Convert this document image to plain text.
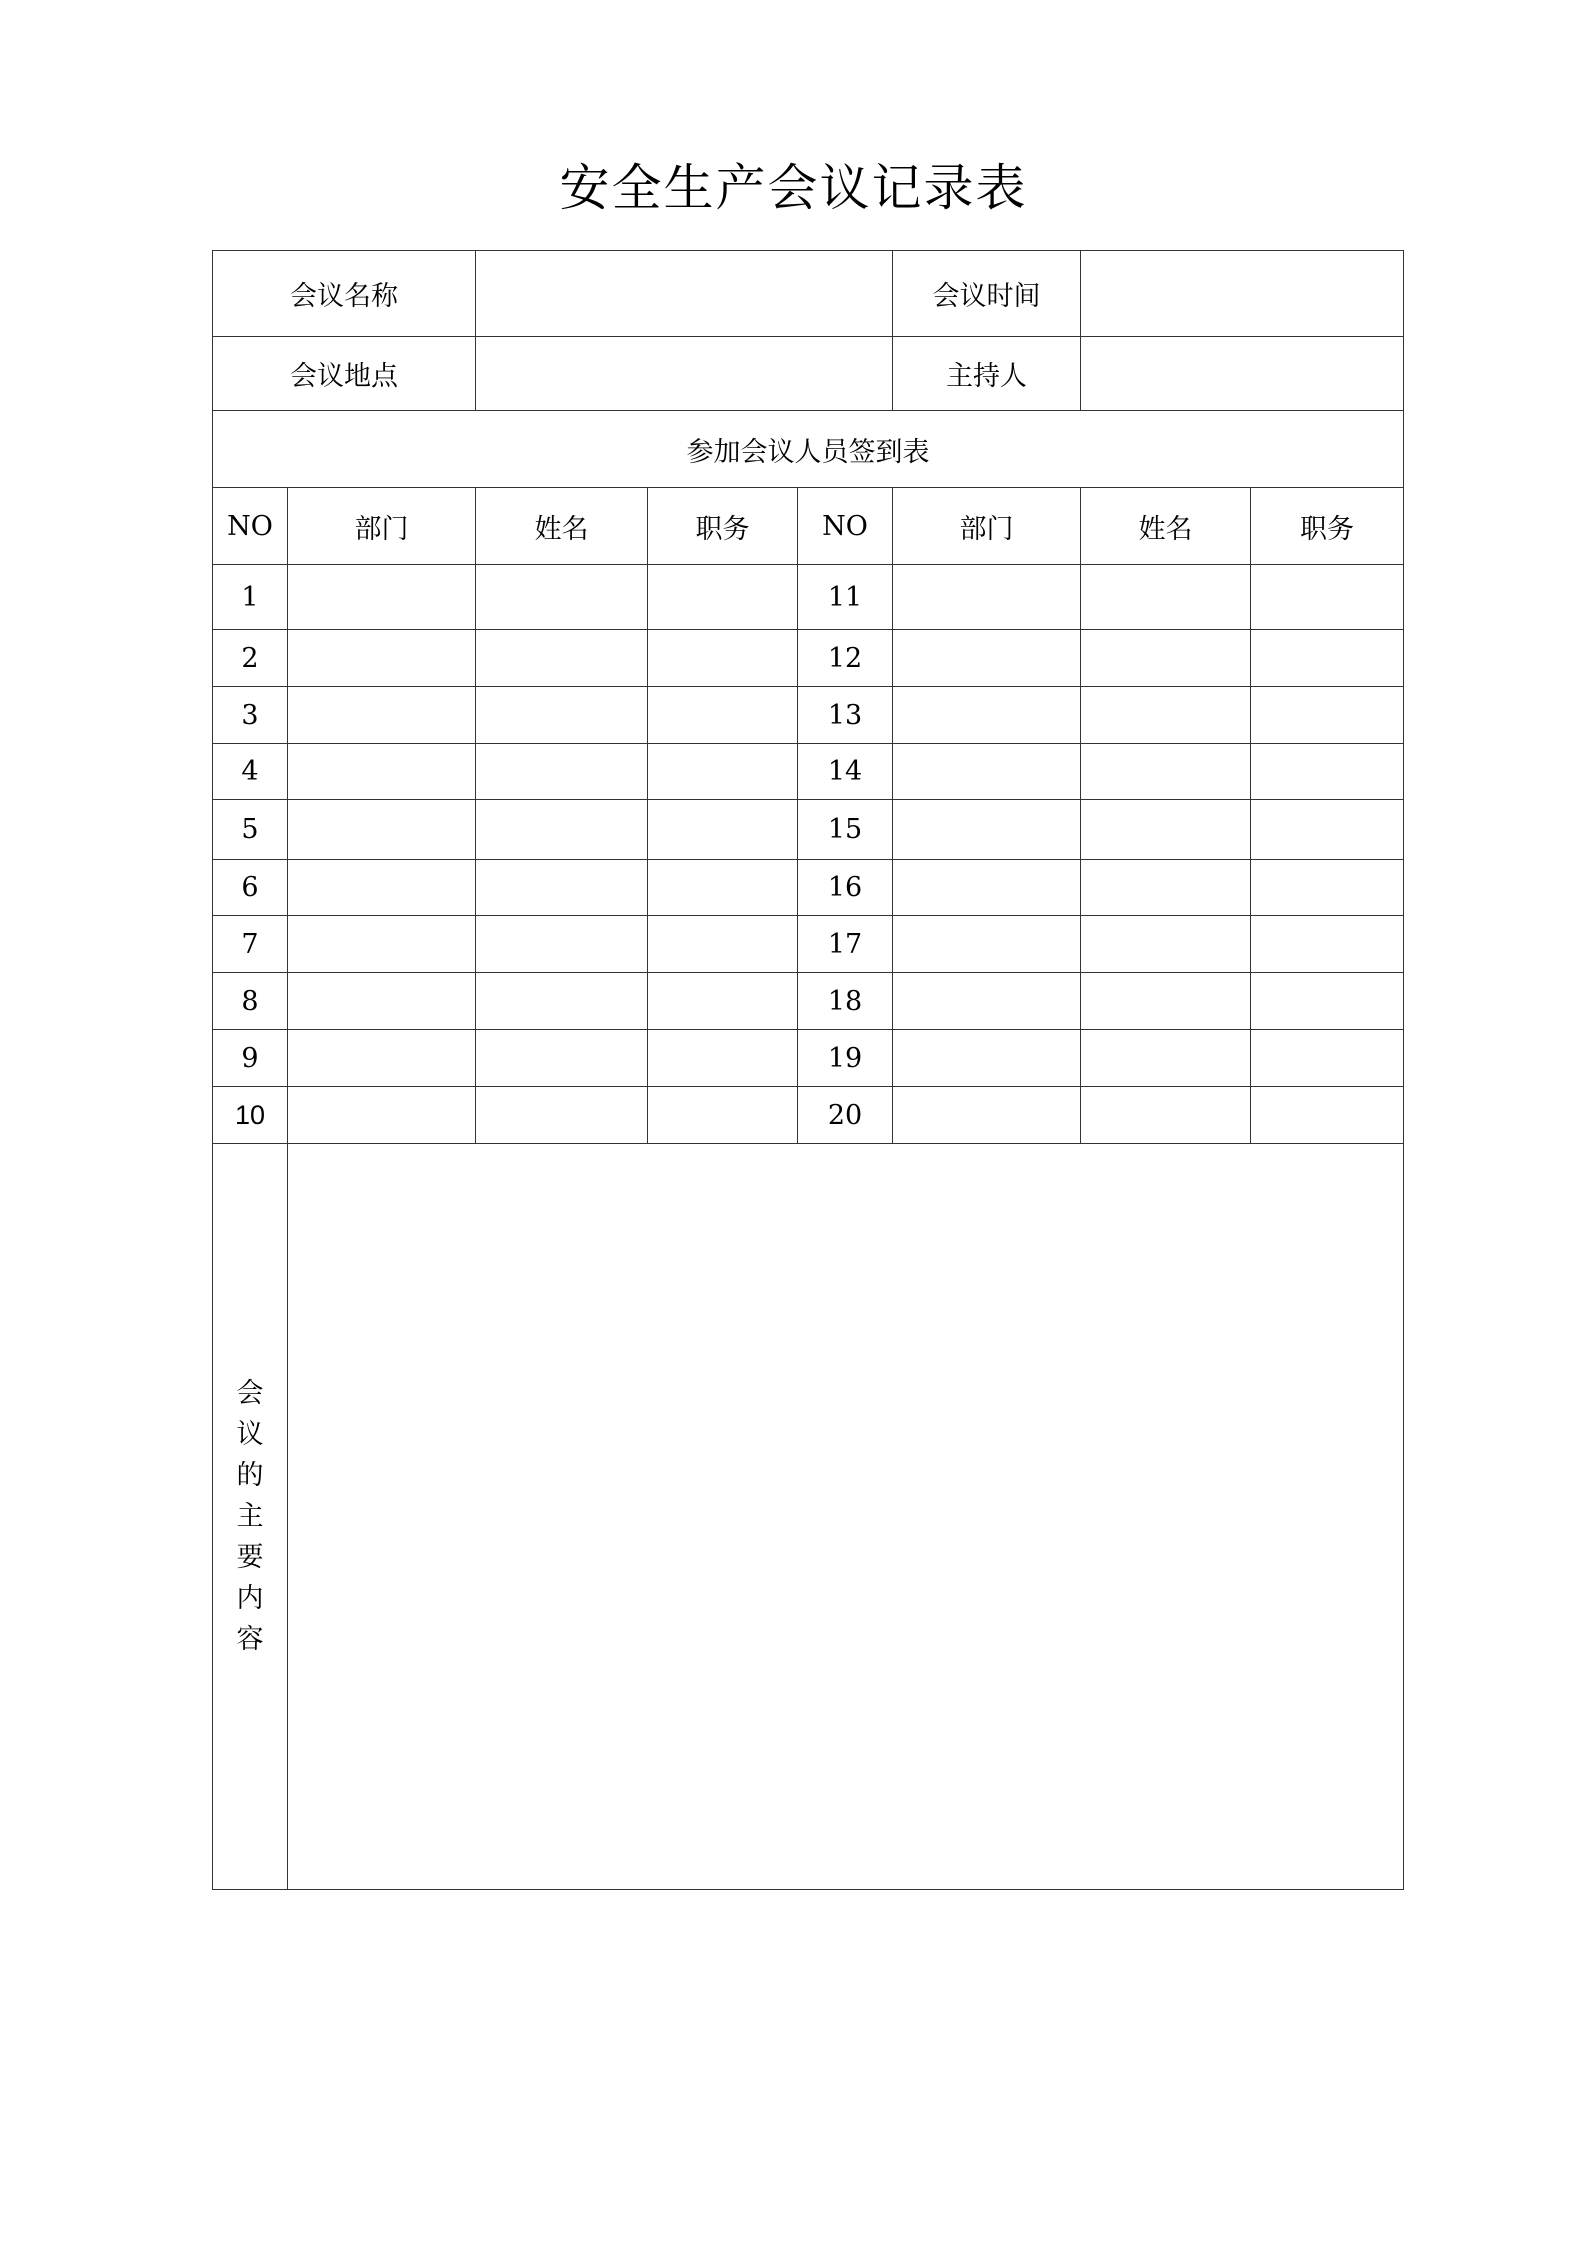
安全生产会议记录表
会议名称					会议时间		
会议地点					主持人		
参加会议人员签到表							
NO	部门	姓名	职务	NO	部门	姓名	职务
1				11			
2				12			
3				13			
4				14			
5				15			
6				16			
7				17			
8				18			
9				19			
10				20			
会议的主要内容							
